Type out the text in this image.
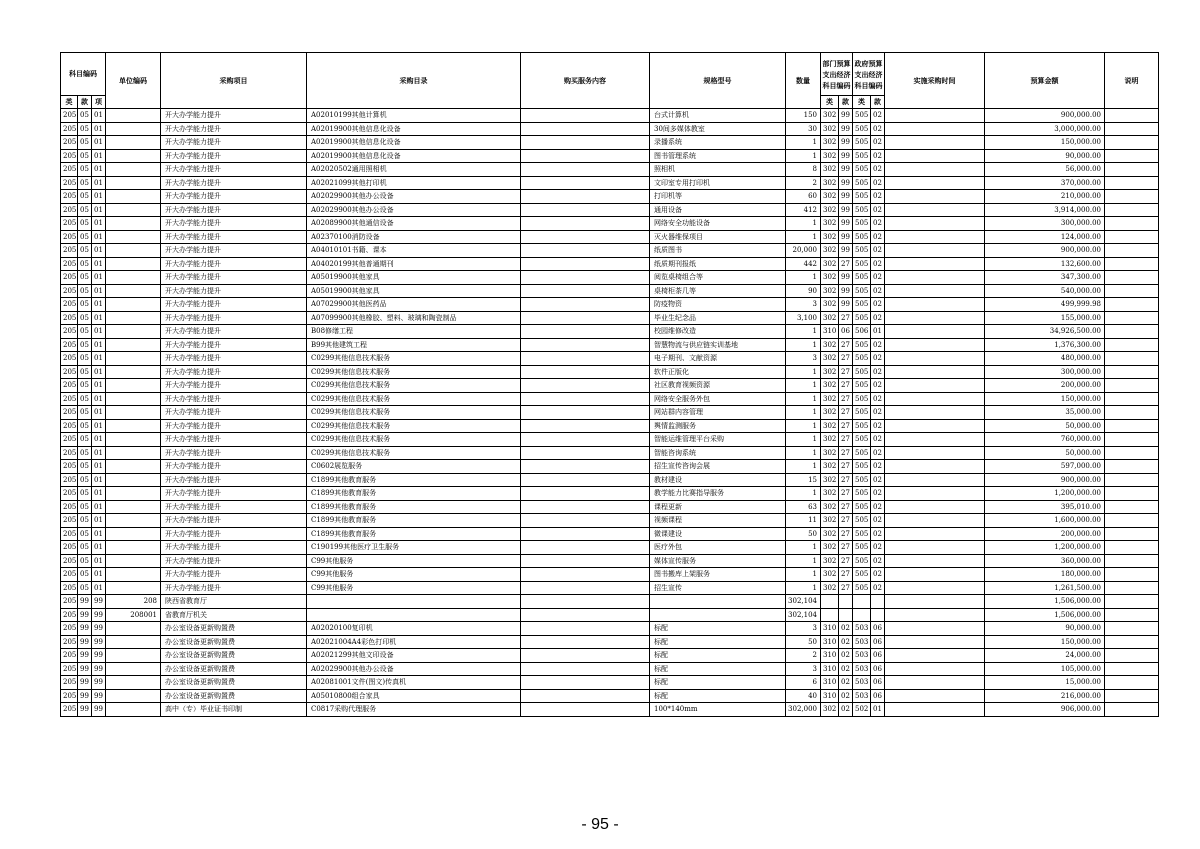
科目编码			单位编码	采购项目	采购目录	购买服务内容	规格型号	数量	部门预算支出经济科目编码		政府预算支出经济科目编码		实施采购时间	预算金额	说明
类	款	项							类	款	类	款			
205	05	01		开大办学能力提升	A02010199其他计算机		台式计算机	150	302	99	505	02		900,000.00	
205	05	01		开大办学能力提升	A02019900其他信息化设备		30间多媒体教室	30	302	99	505	02		3,000,000.00	
205	05	01		开大办学能力提升	A02019900其他信息化设备		录播系统	1	302	99	505	02		150,000.00	
205	05	01		开大办学能力提升	A02019900其他信息化设备		图书管理系统	1	302	99	505	02		90,000.00	
205	05	01		开大办学能力提升	A02020502通用照相机		照相机	8	302	99	505	02		56,000.00	
205	05	01		开大办学能力提升	A02021099其他打印机		文印室专用打印机	2	302	99	505	02		370,000.00	
205	05	01		开大办学能力提升	A02029900其他办公设备		打印机等	60	302	99	505	02		210,000.00	
205	05	01		开大办学能力提升	A02029900其他办公设备		通用设备	412	302	99	505	02		3,914,000.00	
205	05	01		开大办学能力提升	A02089900其他通信设备		网络安全功能设备	1	302	99	505	02		300,000.00	
205	05	01		开大办学能力提升	A02370100消防设备		灭火器维保项目	1	302	99	505	02		124,000.00	
205	05	01		开大办学能力提升	A04010101书籍、课本		纸质图书	20,000	302	99	505	02		900,000.00	
205	05	01		开大办学能力提升	A04020199其他普通期刊		纸质期刊报纸	442	302	27	505	02		132,600.00	
205	05	01		开大办学能力提升	A05019900其他家具		阅览桌椅组合等	1	302	99	505	02		347,300.00	
205	05	01		开大办学能力提升	A05019900其他家具		桌椅柜茶几等	90	302	99	505	02		540,000.00	
205	05	01		开大办学能力提升	A07029900其他医药品		防疫物资	3	302	99	505	02		499,999.98	
205	05	01		开大办学能力提升	A07099900其他橡胶、塑料、玻璃和陶瓷制品		毕业生纪念品	3,100	302	27	505	02		155,000.00	
205	05	01		开大办学能力提升	B08修缮工程		校园维修改造	1	310	06	506	01		34,926,500.00	
205	05	01		开大办学能力提升	B99其他建筑工程		智慧物流与供应链实训基地	1	302	27	505	02		1,376,300.00	
205	05	01		开大办学能力提升	C0299其他信息技术服务		电子期刊、文献资源	3	302	27	505	02		480,000.00	
205	05	01		开大办学能力提升	C0299其他信息技术服务		软件正版化	1	302	27	505	02		300,000.00	
205	05	01		开大办学能力提升	C0299其他信息技术服务		社区教育视频资源	1	302	27	505	02		200,000.00	
205	05	01		开大办学能力提升	C0299其他信息技术服务		网络安全服务外包	1	302	27	505	02		150,000.00	
205	05	01		开大办学能力提升	C0299其他信息技术服务		网站群内容管理	1	302	27	505	02		35,000.00	
205	05	01		开大办学能力提升	C0299其他信息技术服务		舆情监测服务	1	302	27	505	02		50,000.00	
205	05	01		开大办学能力提升	C0299其他信息技术服务		智能运维管理平台采购	1	302	27	505	02		760,000.00	
205	05	01		开大办学能力提升	C0299其他信息技术服务		智能咨询系统	1	302	27	505	02		50,000.00	
205	05	01		开大办学能力提升	C0602展览服务		招生宣传咨询会展	1	302	27	505	02		597,000.00	
205	05	01		开大办学能力提升	C1899其他教育服务		教材建设	15	302	27	505	02		900,000.00	
205	05	01		开大办学能力提升	C1899其他教育服务		教学能力比赛指导服务	1	302	27	505	02		1,200,000.00	
205	05	01		开大办学能力提升	C1899其他教育服务		课程更新	63	302	27	505	02		395,010.00	
205	05	01		开大办学能力提升	C1899其他教育服务		视频课程	11	302	27	505	02		1,600,000.00	
205	05	01		开大办学能力提升	C1899其他教育服务		微课建设	50	302	27	505	02		200,000.00	
205	05	01		开大办学能力提升	C190199其他医疗卫生服务		医疗外包	1	302	27	505	02		1,200,000.00	
205	05	01		开大办学能力提升	C99其他服务		媒体宣传服务	1	302	27	505	02		360,000.00	
205	05	01		开大办学能力提升	C99其他服务		图书搬库上架服务	1	302	27	505	02		180,000.00	
205	05	01		开大办学能力提升	C99其他服务		招生宣传	1	302	27	505	02		1,261,500.00	
205	99	99	208	陕西省教育厅				302,104						1,506,000.00	
205	99	99	208001	省教育厅机关				302,104						1,506,000.00	
205	99	99		办公室设备更新购置费	A02020100复印机		标配	3	310	02	503	06		90,000.00	
205	99	99		办公室设备更新购置费	A02021004A4彩色打印机		标配	50	310	02	503	06		150,000.00	
205	99	99		办公室设备更新购置费	A02021299其他文印设备		标配	2	310	02	503	06		24,000.00	
205	99	99		办公室设备更新购置费	A02029900其他办公设备		标配	3	310	02	503	06		105,000.00	
205	99	99		办公室设备更新购置费	A02081001文件(图文)传真机		标配	6	310	02	503	06		15,000.00	
205	99	99		办公室设备更新购置费	A05010800组合家具		标配	40	310	02	503	06		216,000.00	
205	99	99		高中（专）毕业证书印制	C0817采购代理服务		100*140mm	302,000	302	02	502	01		906,000.00	
- 95 -
